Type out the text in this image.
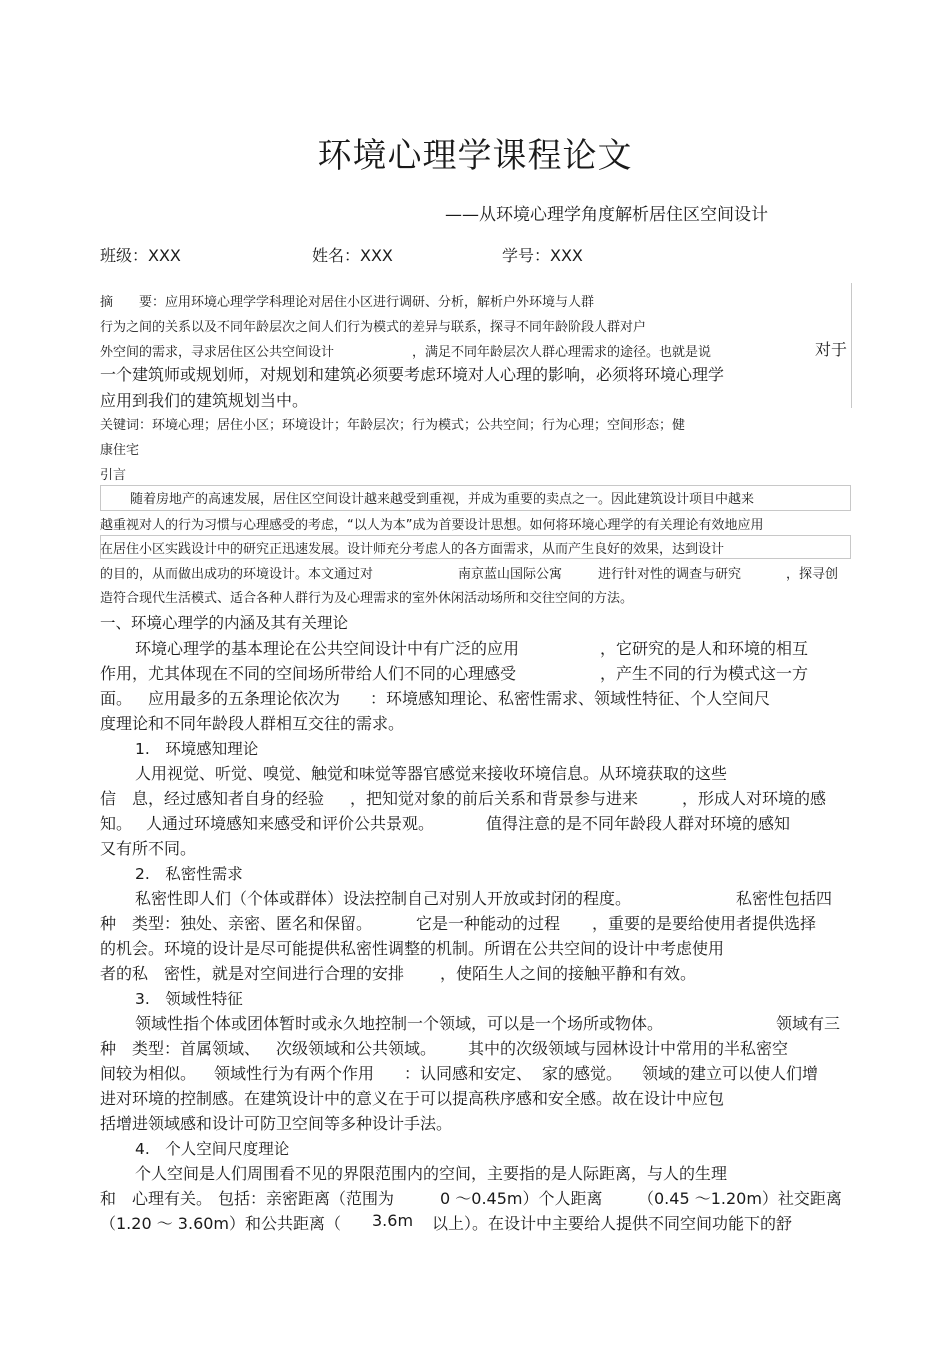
环境心理学课程论文
——从环境心理学角度解析居住区空间设计
班级：XXX	姓名：XXX	学号：XXX
摘　　要：应用环境心理学学科理论对居住小区进行调研、分析，解析户外环境与人群
行为之间的关系以及不同年龄层次之间人们行为模式的差异与联系，探寻不同年龄阶段人群对户
外空间的需求，寻求居住区公共空间设计	，满足不同年龄层次人群心理需求的途径。也就是说	对于
一个建筑师或规划师，对规划和建筑必须要考虑环境对人心理的影响，必须将环境心理学
应用到我们的建筑规划当中。
关键词：环境心理；居住小区；环境设计；年龄层次；行为模式；公共空间；行为心理；空间形态；健
康住宅
引言
随着房地产的高速发展，居住区空间设计越来越受到重视，并成为重要的卖点之一。因此建筑设计项目中越来
越重视对人的行为习惯与心理感受的考虑，“以人为本”成为首要设计思想。如何将环境心理学的有关理论有效地应用
在居住小区实践设计中的研究正迅速发展。设计师充分考虑人的各方面需求，从而产生良好的效果，达到设计
的目的，从而做出成功的环境设计。本文通过对	南京蓝山国际公寓	进行针对性的调查与研究	，探寻创
造符合现代生活模式、适合各种人群行为及心理需求的室外休闲活动场所和交往空间的方法。
一、环境心理学的内涵及其有关理论
环境心理学的基本理论在公共空间设计中有广泛的应用	，它研究的是人和环境的相互
作用，尤其体现在不同的空间场所带给人们不同的心理感受	，产生不同的行为模式这一方
面。 应用最多的五条理论依次为 ：环境感知理论、私密性需求、领域性特征、个人空间尺
度理论和不同年龄段人群相互交往的需求。
1.　环境感知理论
人用视觉、听觉、嗅觉、触觉和味觉等器官感觉来接收环境信息。从环境获取的这些
信　息，经过感知者自身的经验 ，把知觉对象的前后关系和背景参与进来	，形成人对环境的感
知。 人通过环境感知来感受和评价公共景观。	值得注意的是不同年龄段人群对环境的感知
又有所不同。
2.　私密性需求
私密性即人们（个体或群体）设法控制自己对别人开放或封闭的程度。	私密性包括四
种　类型：独处、亲密、匿名和保留。	它是一种能动的过程 ，重要的是要给使用者提供选择
的机会。环境的设计是尽可能提供私密性调整的机制。所谓在公共空间的设计中考虑使用
者的私　密性，就是对空间进行合理的安排 ，使陌生人之间的接触平静和有效。
3.　领域性特征
领域性指个体或团体暂时或永久地控制一个领域，可以是一个场所或物体。	领域有三
种　类型：首属领域、 次级领域和公共领域。 其中的次级领域与园林设计中常用的半私密空
间较为相似。 领域性行为有两个作用 ：认同感和安定、 家的感觉。 领域的建立可以使人们增
进对环境的控制感。在建筑设计中的意义在于可以提高秩序感和安全感。故在设计中应包
括增进领域感和设计可防卫空间等多种设计手法。
4.　个人空间尺度理论
个人空间是人们周围看不见的界限范围内的空间，主要指的是人际距离，与人的生理
和　心理有关。 包括：亲密距离（范围为	0 ～0.45m）个人距离 （0.45 ～1.20m）社交距离
（1.20 ～ 3.60m）和公共距离（ 3.6m 以上）。在设计中主要给人提供不同空间功能下的舒
